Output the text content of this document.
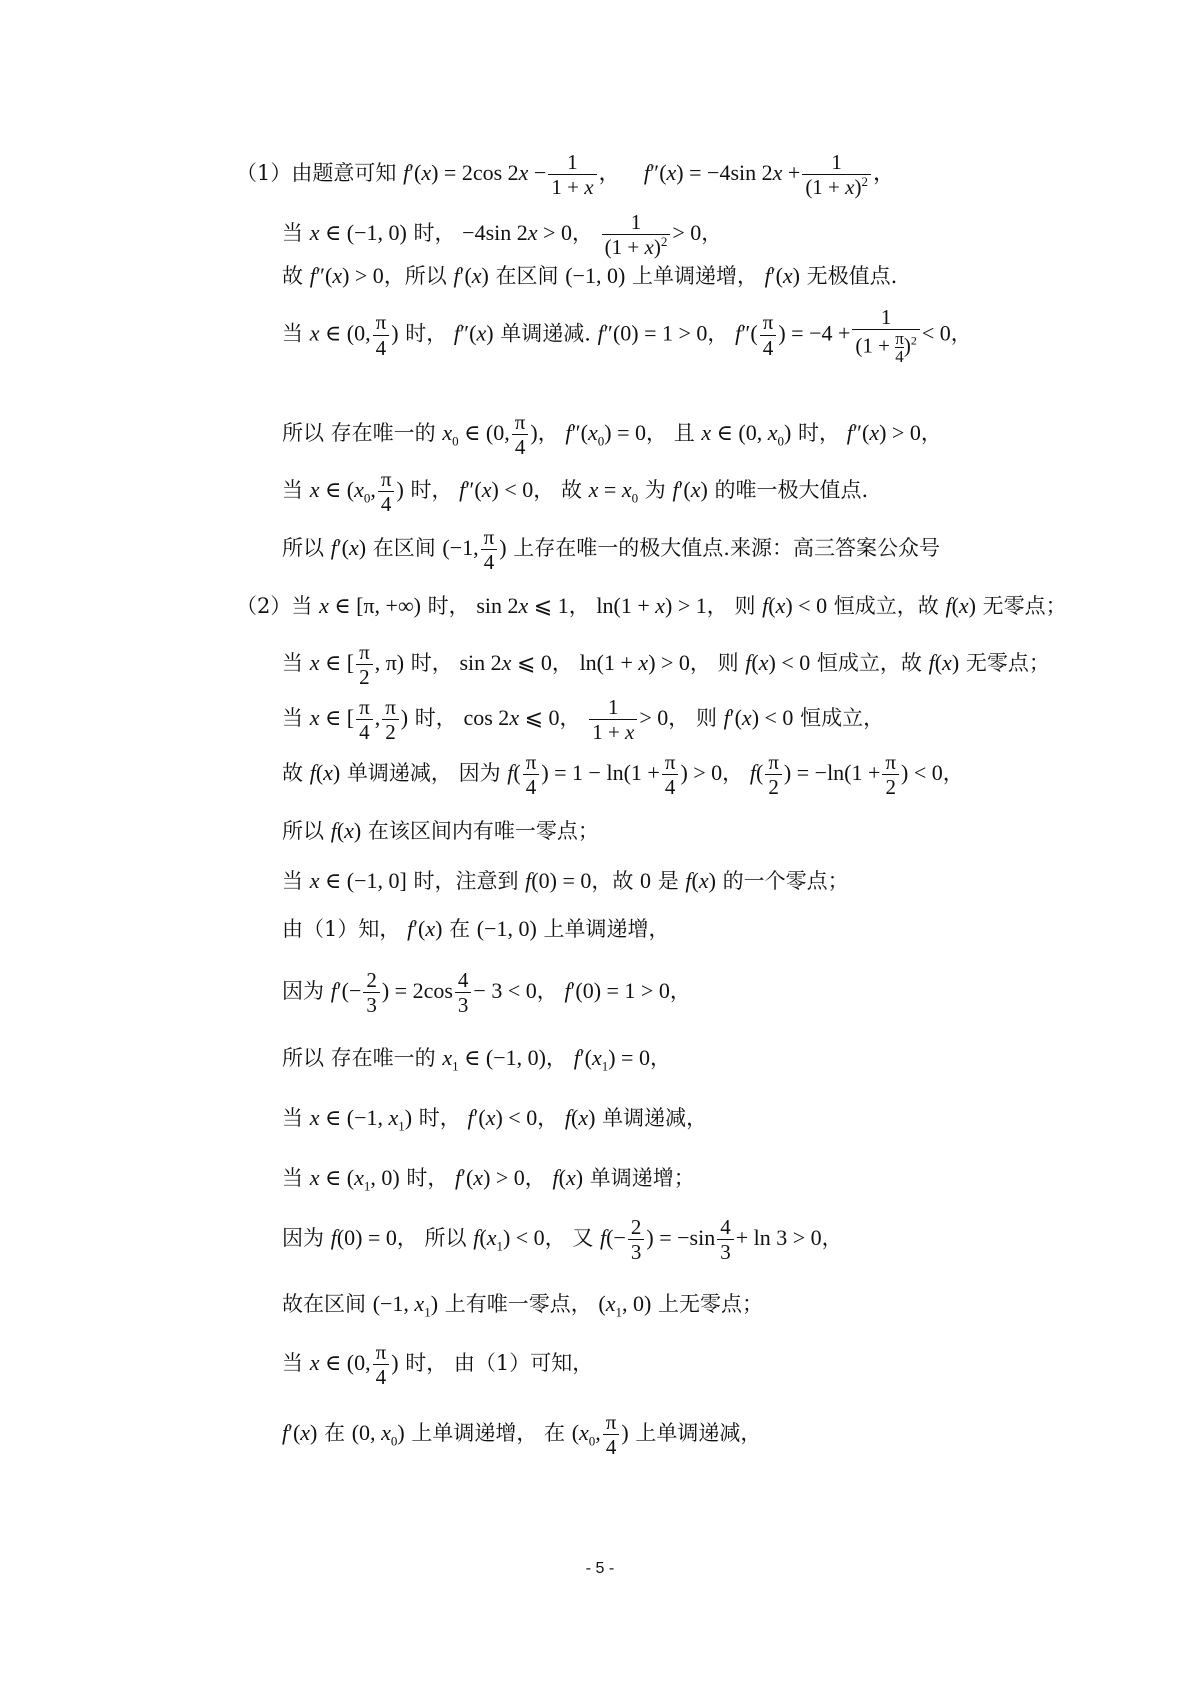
（1）由题意可知 f′(x) = 2cos $2x - \frac{1}{1 + x}$ ， f″(x) = −4sin $2x + \frac{1}{(1 + x)^2}$ ，
当 x ∈ (−1, 0) 时， −4sin 2x > 0， $\frac{1}{(1 + x)^2} > 0$，
故 f″(x) > 0，所以 f′(x) 在区间 (−1, 0) 上单调递增， f′(x) 无极值点.
当 x ∈ (0, $\frac{\pi}{4}$ ) 时， f″(x) 单调递减. f″(0) = 1 > 0， $f''( \frac{\pi}{4}$ ) = $-4 + \frac{1}{(1 + \frac{\pi}{4} )^2} < 0$，
所以 存在唯一的 $x_0$ ∈ (0, $\frac{\pi}{4}$ )， $f''(x_0) = 0$， 且 x ∈ (0, $x_0$) 时， f″(x) > 0，
当 x ∈ ($x_0$, $\frac{\pi}{4}$ ) 时， f″(x) < 0， 故 $x = x_0$ 为 f′(x) 的唯一极大值点.
所以 f′(x) 在区间 (−1, $\frac{\pi}{4}$ ) 上存在唯一的极大值点.来源：高三答案公众号
（2）当 x ∈ [π, +∞) 时， sin 2x ⩽ 1， ln(1 + x) > 1， 则 f(x) < 0 恒成立，故 f(x) 无零点；
当 x ∈ [ $\frac{\pi}{2}$ , π) 时， sin 2x ⩽ 0， ln(1 + x) > 0， 则 f(x) < 0 恒成立，故 f(x) 无零点；
当 x ∈ [ $\frac{\pi}{4}$ , $\frac{\pi}{2}$ ) 时， cos 2x ⩽ 0， $\frac{1}{1 + x} > 0$， 则 f′(x) < 0 恒成立，
故 f(x) 单调递减， 因为 $f( \frac{\pi}{4}$ ) = $1 - \ln(1 + \frac{\pi}{4}$ ) > 0， $f( \frac{\pi}{2}$ ) = $-\ln(1 + \frac{\pi}{2}$ ) < 0，
所以 f(x) 在该区间内有唯一零点；
当 x ∈ (−1, 0] 时，注意到 f(0) = 0，故 0 是 f(x) 的一个零点；
由（1）知， f′(x) 在 (−1, 0) 上单调递增，
因为 $f'(- \frac{2}{3}$ ) = $2\cos \frac{4}{3} - 3 < 0$， f′(0) = 1 > 0，
所以 存在唯一的 $x_1$ ∈ (−1, 0)， $f'(x_1) = 0$，
当 x ∈ (−1, $x_1$) 时， f′(x) < 0， f(x) 单调递减，
当 x ∈ ($x_1$, 0) 时， f′(x) > 0， f(x) 单调递增；
因为 f(0) = 0， 所以 $f(x_1) < 0$， 又 $f(- \frac{2}{3}$ ) = $-\sin \frac{4}{3} + \ln 3 > 0$，
故在区间 (−1, $x_1$) 上有唯一零点， ($x_1$, 0) 上无零点；
当 x ∈ (0, $\frac{\pi}{4}$ ) 时， 由（1）可知，
f′(x) 在 (0, $x_0$) 上单调递增， 在 ($x_0$, $\frac{\pi}{4}$ ) 上单调递减，
- 5 -
